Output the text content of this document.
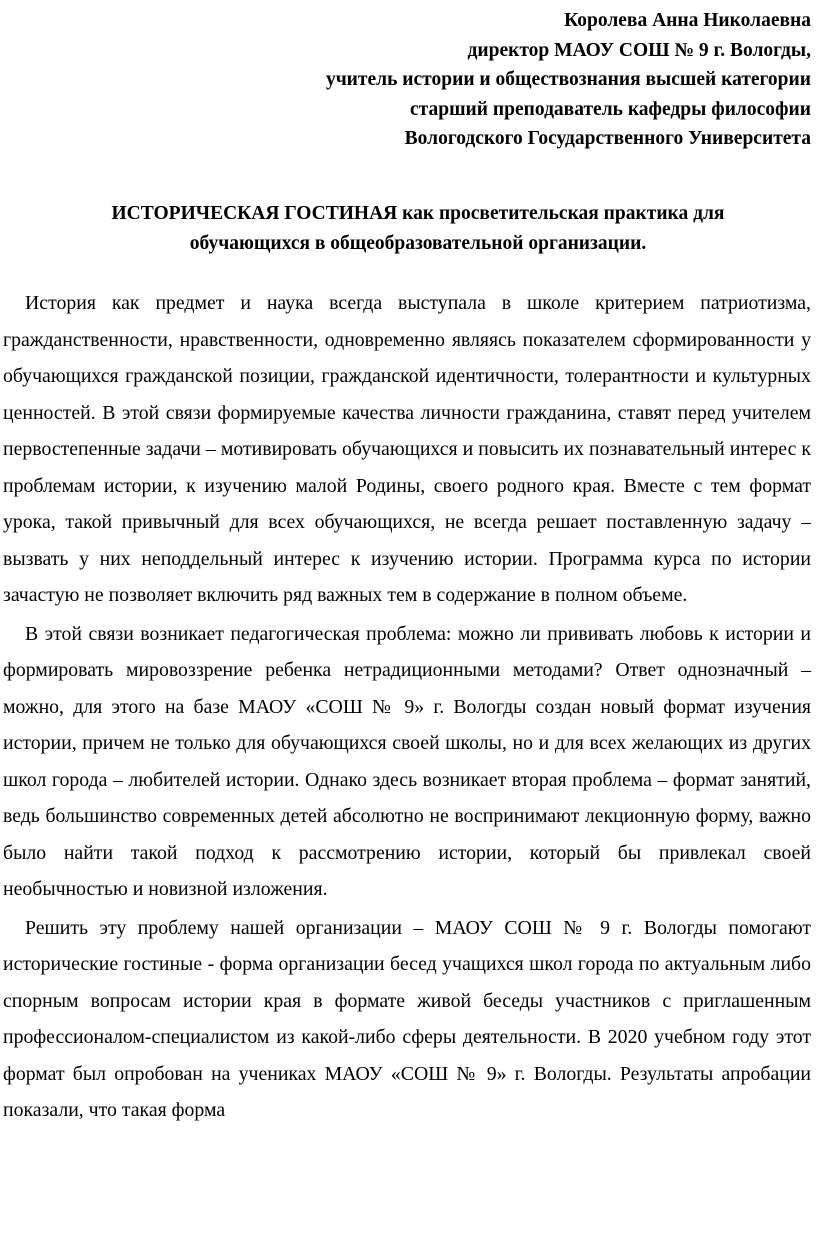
Королева Анна Николаевна
директор МАОУ СОШ № 9 г. Вологды,
учитель истории и обществознания высшей категории
старший преподаватель кафедры философии
Вологодского Государственного Университета
ИСТОРИЧЕСКАЯ ГОСТИНАЯ как просветительская практика для
обучающихся в общеобразовательной организации.

История как предмет и наука всегда выступала в школе критерием патриотизма, гражданственности, нравственности, одновременно являясь показателем сформированности у обучающихся гражданской позиции, гражданской идентичности, толерантности и культурных ценностей. В этой связи формируемые качества личности гражданина, ставят перед учителем первостепенные задачи – мотивировать обучающихся и повысить их познавательный интерес к проблемам истории, к изучению малой Родины, своего родного края. Вместе с тем формат урока, такой привычный для всех обучающихся, не всегда решает поставленную задачу – вызвать у них неподдельный интерес к изучению истории. Программа курса по истории зачастую не позволяет включить ряд важных тем в содержание в полном объеме.

В этой связи возникает педагогическая проблема: можно ли прививать любовь к истории и формировать мировоззрение ребенка нетрадиционными методами? Ответ однозначный – можно, для этого на базе МАОУ «СОШ № 9» г. Вологды создан новый формат изучения истории, причем не только для обучающихся своей школы, но и для всех желающих из других школ города – любителей истории. Однако здесь возникает вторая проблема – формат занятий, ведь большинство современных детей абсолютно не воспринимают лекционную форму, важно было найти такой подход к рассмотрению истории, который бы привлекал своей необычностью и новизной изложения.

Решить эту проблему нашей организации – МАОУ СОШ № 9 г. Вологды помогают исторические гостиные - форма организации бесед учащихся школ города по актуальным либо спорным вопросам истории края в формате живой беседы участников с приглашенным профессионалом-специалистом из какой-либо сферы деятельности. В 2020 учебном году этот формат был опробован на учениках МАОУ «СОШ № 9» г. Вологды. Результаты апробации показали, что такая форма
